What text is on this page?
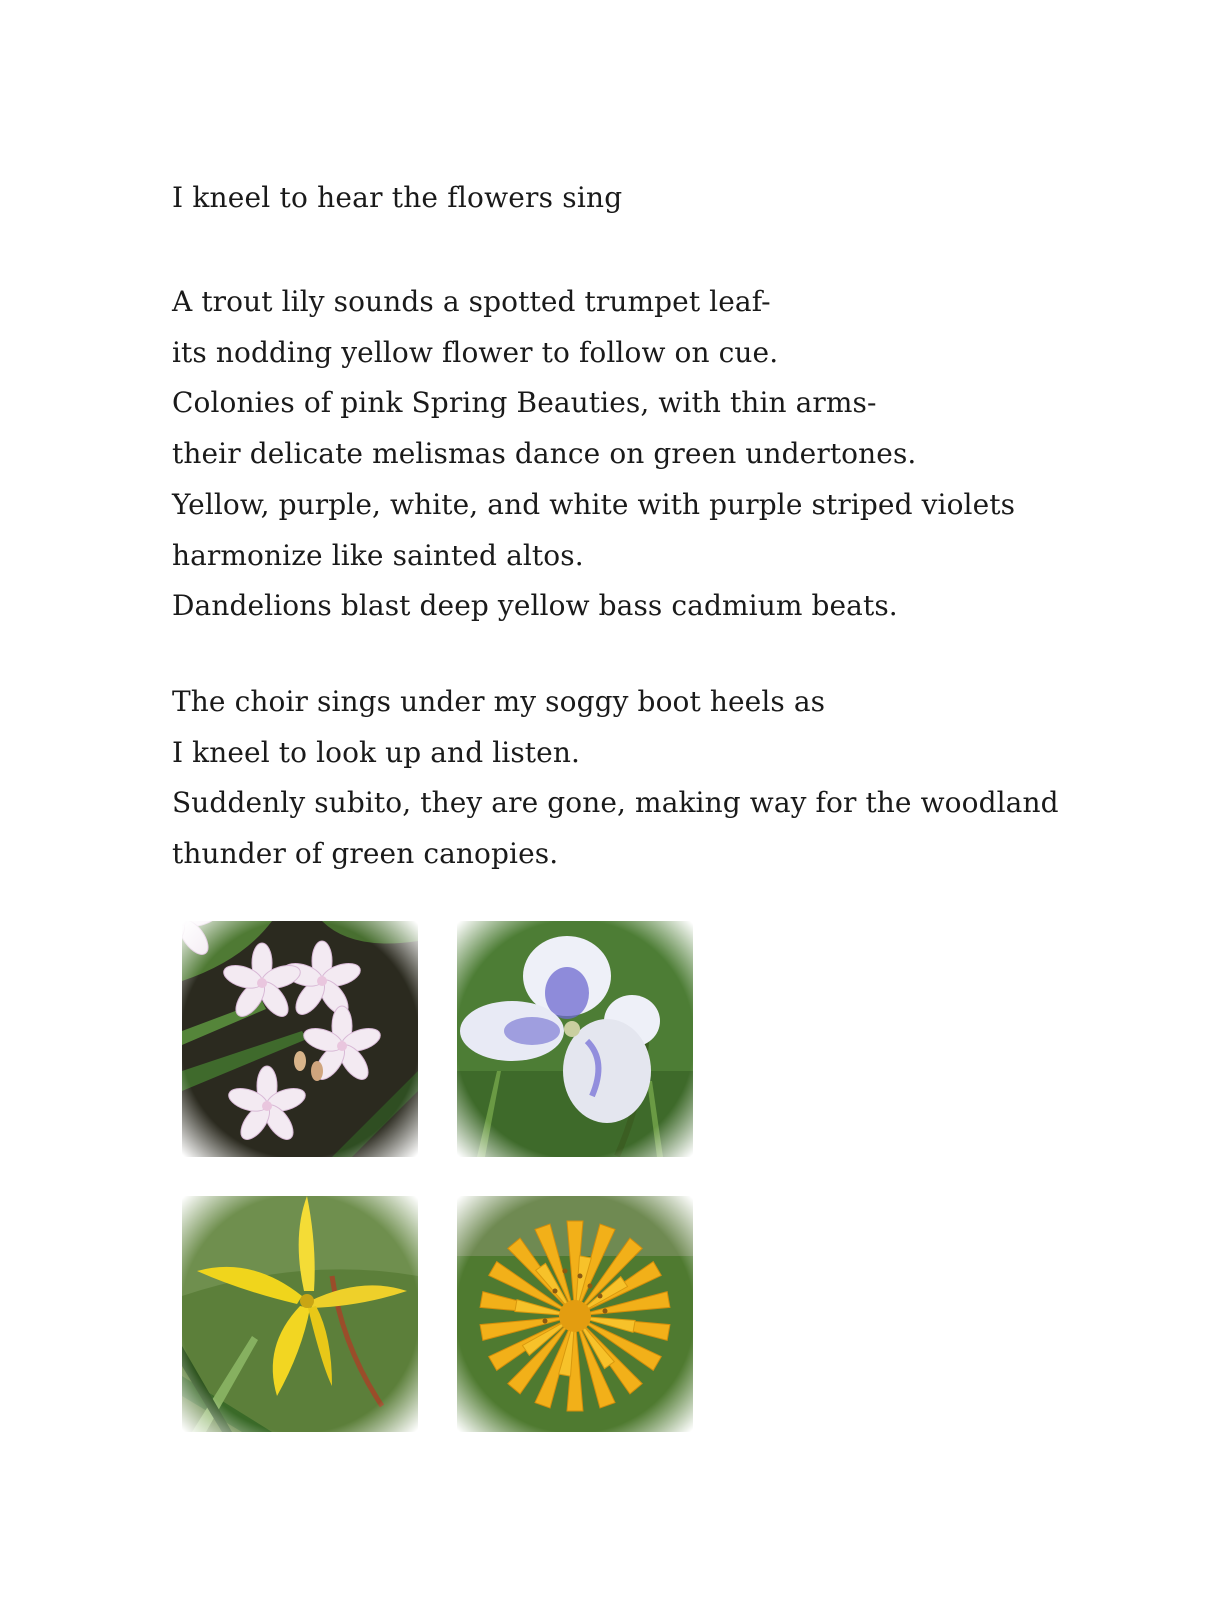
I kneel to hear the flowers sing
A trout lily sounds a spotted trumpet leaf-
its nodding yellow flower to follow on cue.
Colonies of pink Spring Beauties, with thin arms-
their delicate melismas dance on green undertones.
Yellow, purple, white, and white with purple striped violets
harmonize like sainted altos.
Dandelions blast deep yellow bass cadmium beats.
The choir sings under my soggy boot heels as
I kneel to look up and listen.
Suddenly subito, they are gone, making way for the woodland
thunder of green canopies.
